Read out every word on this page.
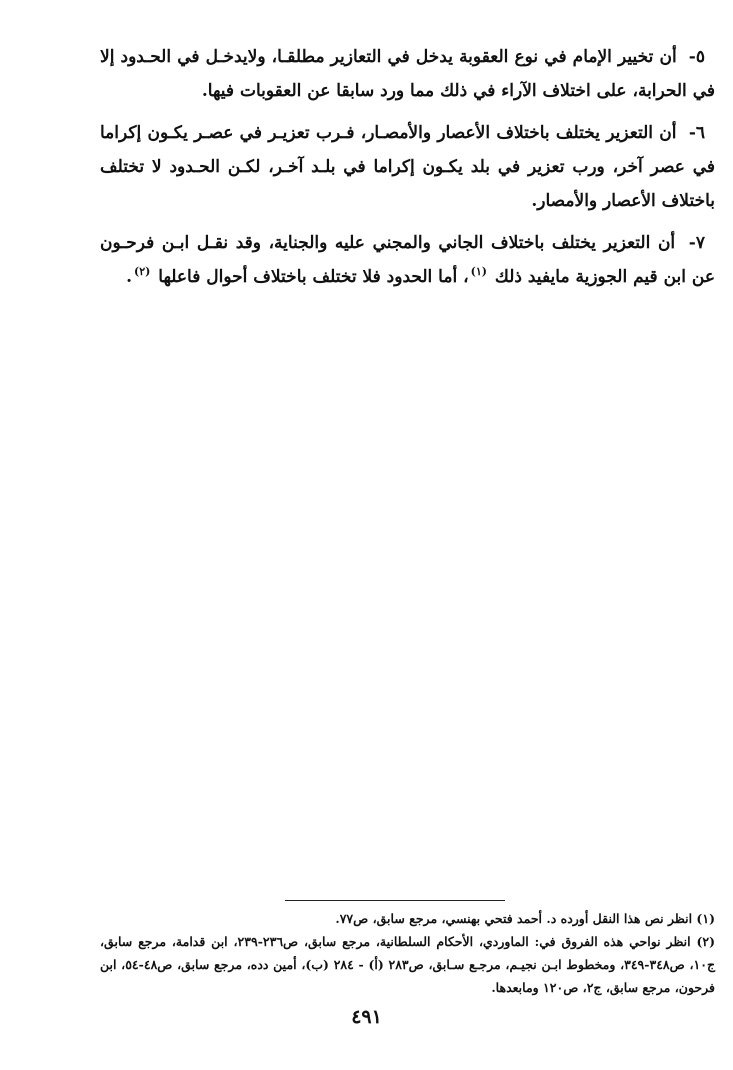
٥- أن تخيير الإمام في نوع العقوبة يدخل في التعازير مطلقـا، ولايدخـل في الحـدود إلا في الحرابة، على اختلاف الآراء في ذلك مما ورد سابقا عن العقوبات فيها.

٦- أن التعزير يختلف باختلاف الأعصار والأمصـار، فـرب تعزيـر في عصـر يكـون إكراما في عصر آخر، ورب تعزير في بلد يكـون إكراما في بلـد آخـر، لكـن الحـدود لا تختلف باختلاف الأعصار والأمصار.

٧- أن التعزير يختلف باختلاف الجاني والمجني عليه والجناية، وقد نقـل ابـن فرحـون عن ابن قيم الجوزية مايفيد ذلك $^{(١)}$، أما الحدود فلا تختلف باختلاف أحوال فاعلها $^{(٢)}$.

(١) انظر نص هذا النقل أورده د. أحمد فتحي بهنسي، مرجع سابق، ص٧٧.

(٢) انظر نواحي هذه الفروق في: الماوردي، الأحكام السلطانية، مرجع سابق، ص٢٣٦-٢٣٩، ابن قدامة، مرجع سابق، ج١٠، ص٣٤٨-٣٤٩، ومخطوط ابـن نجيـم، مرجـع سـابق، ص٢٨٣ (أ) - ٢٨٤ (ب)، أمين دده، مرجع سابق، ص٤٨-٥٤، ابن فرحون، مرجع سابق، ج٢، ص١٢٠ ومابعدها.

٤٩١
